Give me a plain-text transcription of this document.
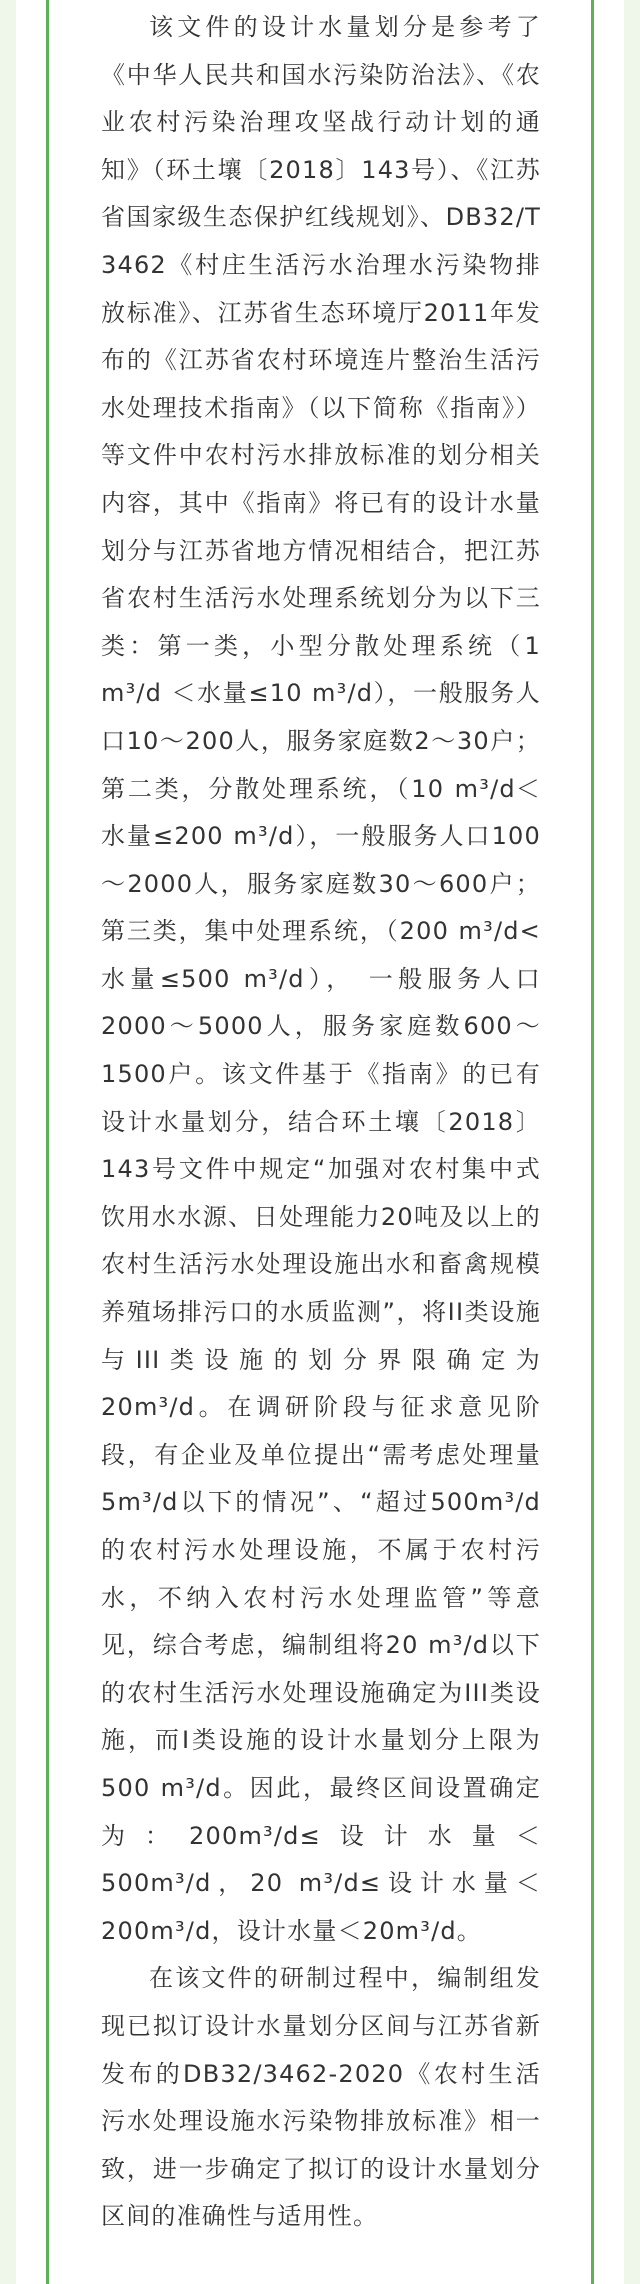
该文件的设计水量划分是参考了《中华人民共和国水污染防治法》、《农业农村污染治理攻坚战行动计划的通知》（环土壤〔2018〕143号）、《江苏省国家级生态保护红线规划》、DB32/T 3462《村庄生活污水治理水污染物排放标准》、江苏省生态环境厅2011年发布的《江苏省农村环境连片整治生活污水处理技术指南》（以下简称《指南》）等文件中农村污水排放标准的划分相关内容，其中《指南》将已有的设计水量划分与江苏省地方情况相结合，把江苏省农村生活污水处理系统划分为以下三类：第一类，小型分散处理系统（1 m³/d ＜水量≤10 m³/d），一般服务人口10～200人，服务家庭数2～30户；第二类，分散处理系统，（10 m³/d＜水量≤200 m³/d），一般服务人口100～2000人，服务家庭数30～600户；第三类，集中处理系统，（200 m³/d<水量≤500 m³/d）， 一般服务人口2000～5000人，服务家庭数600～1500户。该文件基于《指南》的已有设计水量划分，结合环土壤〔2018〕143号文件中规定“加强对农村集中式饮用水水源、日处理能力20吨及以上的农村生活污水处理设施出水和畜禽规模养殖场排污口的水质监测”，将II类设施与III类设施的划分界限确定为20m³/d。在调研阶段与征求意见阶段，有企业及单位提出“需考虑处理量5m³/d以下的情况”、“超过500m³/d的农村污水处理设施，不属于农村污水，不纳入农村污水处理监管”等意见，综合考虑，编制组将20 m³/d以下的农村生活污水处理设施确定为III类设施，而I类设施的设计水量划分上限为500 m³/d。因此，最终区间设置确定为：200m³/d≤设计水量＜500m³/d，20 m³/d≤设计水量＜200m³/d，设计水量＜20m³/d。

在该文件的研制过程中，编制组发现已拟订设计水量划分区间与江苏省新发布的DB32/3462-2020《农村生活污水处理设施水污染物排放标准》相一致，进一步确定了拟订的设计水量划分区间的准确性与适用性。
